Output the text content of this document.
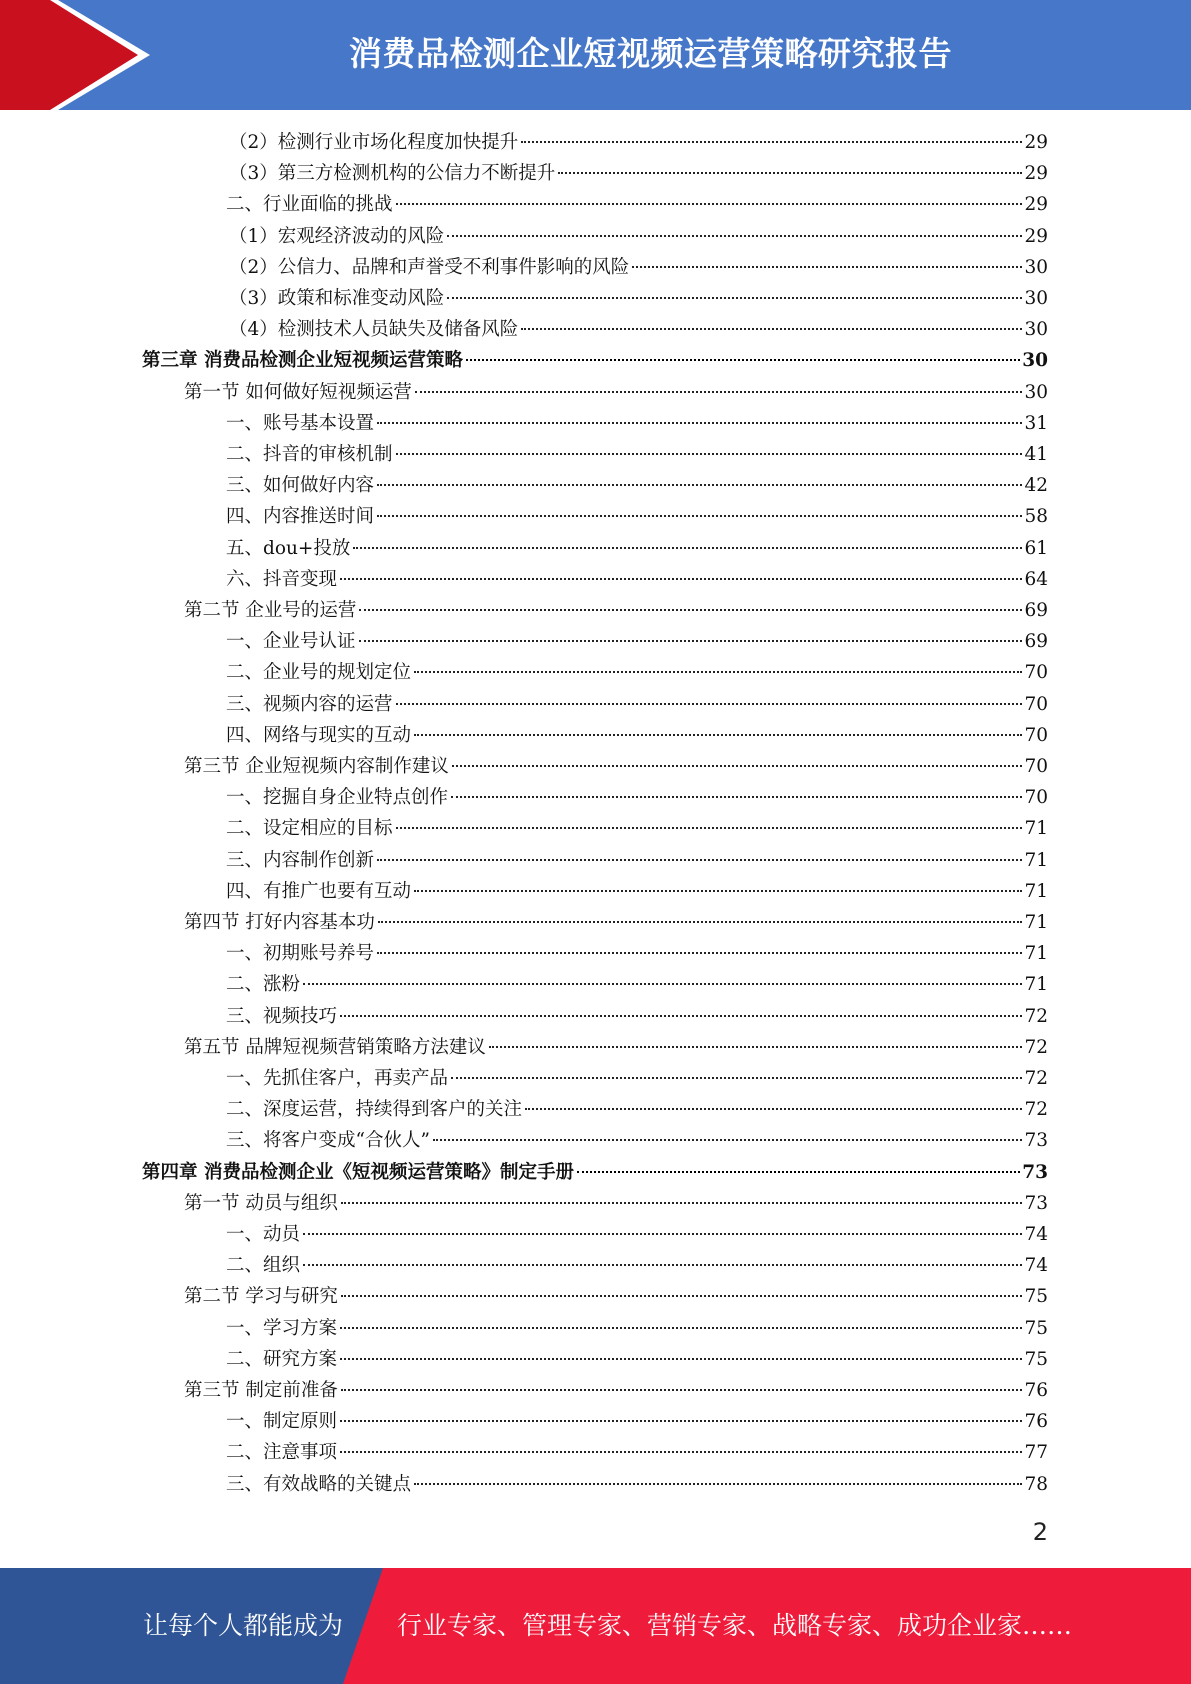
消费品检测企业短视频运营策略研究报告
（2）检测行业市场化程度加快提升	29
（3）第三方检测机构的公信力不断提升	29
二、行业面临的挑战	29
（1）宏观经济波动的风险	29
（2）公信力、品牌和声誉受不利事件影响的风险	30
（3）政策和标准变动风险	30
（4）检测技术人员缺失及储备风险	30
第三章 消费品检测企业短视频运营策略	30
第一节 如何做好短视频运营	30
一、账号基本设置	31
二、抖音的审核机制	41
三、如何做好内容	42
四、内容推送时间	58
五、dou+投放	61
六、抖音变现	64
第二节 企业号的运营	69
一、企业号认证	69
二、企业号的规划定位	70
三、视频内容的运营	70
四、网络与现实的互动	70
第三节 企业短视频内容制作建议	70
一、挖掘自身企业特点创作	70
二、设定相应的目标	71
三、内容制作创新	71
四、有推广也要有互动	71
第四节 打好内容基本功	71
一、初期账号养号	71
二、涨粉	71
三、视频技巧	72
第五节 品牌短视频营销策略方法建议	72
一、先抓住客户，再卖产品	72
二、深度运营，持续得到客户的关注	72
三、将客户变成“合伙人”	73
第四章 消费品检测企业《短视频运营策略》制定手册	73
第一节 动员与组织	73
一、动员	74
二、组织	74
第二节 学习与研究	75
一、学习方案	75
二、研究方案	75
第三节 制定前准备	76
一、制定原则	76
二、注意事项	77
三、有效战略的关键点	78
2
让每个人都能成为 行业专家、管理专家、营销专家、战略专家、成功企业家……
